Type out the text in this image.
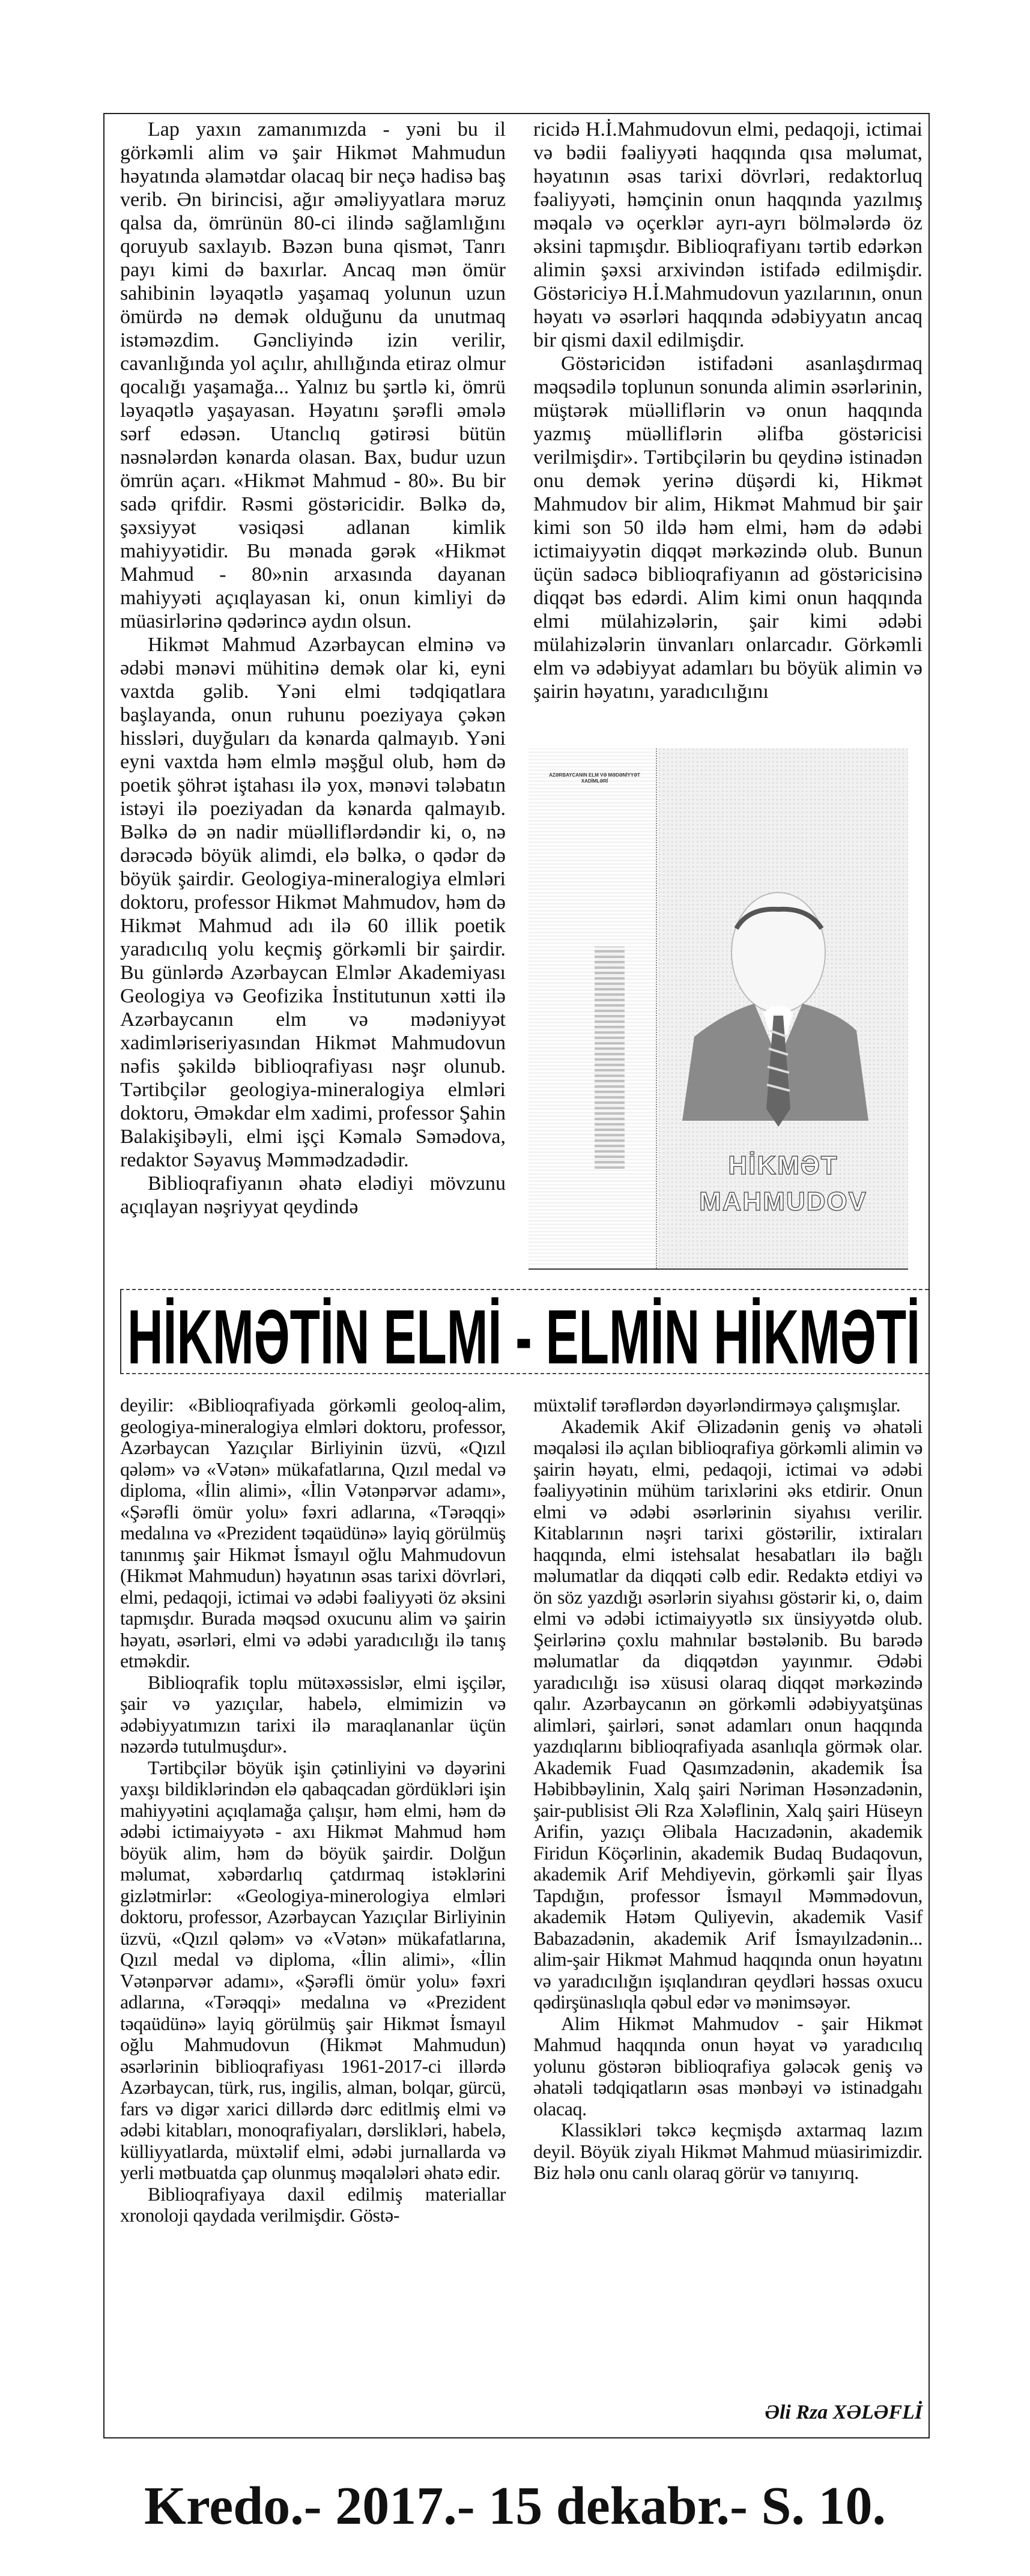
Lap yaxın zamanımızda - yəni bu il görkəmli alim və şair Hikmət Mahmudun həyatında əlamətdar olacaq bir neçə hadisə baş verib. Ən birincisi, ağır əməliyyatlara məruz qalsa da, ömrünün 80-ci ilində sağlamlığını qoruyub saxlayıb. Bəzən buna qismət, Tanrı payı kimi də baxırlar. Ancaq mən ömür sahibinin ləyaqətlə yaşamaq yolunun uzun ömürdə nə demək olduğunu da unutmaq istəməzdim. Gəncliyində izin verilir, cavanlığında yol açılır, ahıllığında etiraz olmur qocalığı yaşamağa... Yalnız bu şərtlə ki, ömrü ləyaqətlə yaşayasan. Həyatını şərəfli əmələ sərf edəsən. Utanclıq gətirəsi bütün nəsnələrdən kənarda olasan. Bax, budur uzun ömrün açarı. «Hikmət Mahmud - 80». Bu bir sadə qrifdir. Rəsmi göstəricidir. Bəlkə də, şəxsiyyət vəsiqəsi adlanan kimlik mahiyyətidir. Bu mənada gərək «Hikmət Mahmud - 80»nin arxasında dayanan mahiyyəti açıqlayasan ki, onun kimliyi də müasirlərinə qədərincə aydın olsun.

Hikmət Mahmud Azərbaycan elminə və ədəbi mənəvi mühitinə demək olar ki, eyni vaxtda gəlib. Yəni elmi tədqiqatlara başlayanda, onun ruhunu poeziyaya çəkən hissləri, duyğuları da kənarda qalmayıb. Yəni eyni vaxtda həm elmlə məşğul olub, həm də poetik şöhrət iştahası ilə yox, mənəvi tələbatın istəyi ilə poeziyadan da kənarda qalmayıb. Bəlkə də ən nadir müəlliflərdəndir ki, o, nə dərəcədə böyük alimdi, elə bəlkə, o qədər də böyük şairdir. Geologiya-mineralogiya elmləri doktoru, professor Hikmət Mahmudov, həm də Hikmət Mahmud adı ilə 60 illik poetik yaradıcılıq yolu keçmiş görkəmli bir şairdir. Bu günlərdə Azərbaycan Elmlər Akademiyası Geologiya və Geofizika İnstitutunun xətti ilə Azərbaycanın elm və mədəniyyət xadimləriseriyasından Hikmət Mahmudovun nəfis şəkildə biblioqrafiyası nəşr olunub. Tərtibçilər geologiya-mineralogiya elmləri doktoru, Əməkdar elm xadimi, professor Şahin Balakişibəyli, elmi işçi Kəmalə Səmədova, redaktor Səyavuş Məmmədzadədir.

Biblioqrafiyanın əhatə elədiyi mövzunu açıqlayan nəşriyyat qeydində

ricidə H.İ.Mahmudovun elmi, pedaqoji, ictimai və bədii fəaliyyəti haqqında qısa məlumat, həyatının əsas tarixi dövrləri, redaktorluq fəaliyyəti, həmçinin onun haqqında yazılmış məqalə və oçerklər ayrı-ayrı bölmələrdə öz əksini tapmışdır. Biblioqrafiyanı tərtib edərkən alimin şəxsi arxivindən istifadə edilmişdir. Göstəriciyə H.İ.Mahmudovun yazılarının, onun həyatı və əsərləri haqqında ədəbiyyatın ancaq bir qismi daxil edilmişdir.

Göstəricidən istifadəni asanlaşdırmaq məqsədilə toplunun sonunda alimin əsərlərinin, müştərək müəlliflərin və onun haqqında yazmış müəlliflərin əlifba göstəricisi verilmişdir». Tərtibçilərin bu qeydinə istinadən onu demək yerinə düşərdi ki, Hikmət Mahmudov bir alim, Hikmət Mahmud bir şair kimi son 50 ildə həm elmi, həm də ədəbi ictimaiyyətin diqqət mərkəzində olub. Bunun üçün sadəcə biblioqrafiyanın ad göstəricisinə diqqət bəs edərdi. Alim kimi onun haqqında elmi mülahizələrin, şair kimi ədəbi mülahizələrin ünvanları onlarcadır. Görkəmli elm və ədəbiyyat adamları bu böyük alimin və şairin həyatını, yaradıcılığını

AZƏRBAYCANIN ELM VƏ MƏDƏNİYYƏT XADİMLƏRİ
HİKMƏT
MAHMUDOV
HİKMƏTİN ELMİ - ELMİN HİKMƏTİ

deyilir: «Biblioqrafiyada görkəmli geoloq-alim, geologiya-mineralogiya elmləri doktoru, professor, Azərbaycan Yazıçılar Birliyinin üzvü, «Qızıl qələm» və «Vətən» mükafatlarına, Qızıl medal və diploma, «İlin alimi», «İlin Vətənpərvər adamı», «Şərəfli ömür yolu» fəxri adlarına, «Tərəqqi» medalına və «Prezident təqaüdünə» layiq görülmüş tanınmış şair Hikmət İsmayıl oğlu Mahmudovun (Hikmət Mahmudun) həyatının əsas tarixi dövrləri, elmi, pedaqoji, ictimai və ədəbi fəaliyyəti öz əksini tapmışdır. Burada məqsəd oxucunu alim və şairin həyatı, əsərləri, elmi və ədəbi yaradıcılığı ilə tanış etməkdir.

Biblioqrafik toplu mütəxəssislər, elmi işçilər, şair və yazıçılar, habelə, elmimizin və ədəbiyyatımızın tarixi ilə maraqlananlar üçün nəzərdə tutulmuşdur».

Tərtibçilər böyük işin çətinliyini və dəyərini yaxşı bildiklərindən elə qabaqcadan gördükləri işin mahiyyətini açıqlamağa çalışır, həm elmi, həm də ədəbi ictimaiyyətə - axı Hikmət Mahmud həm böyük alim, həm də böyük şairdir. Dolğun məlumat, xəbərdarlıq çatdırmaq istəklərini gizlətmirlər: «Geologiya-minerologiya elmləri doktoru, professor, Azərbaycan Yazıçılar Birliyinin üzvü, «Qızıl qələm» və «Vətən» mükafatlarına, Qızıl medal və diploma, «İlin alimi», «İlin Vətənpərvər adamı», «Şərəfli ömür yolu» fəxri adlarına, «Tərəqqi» medalına və «Prezident təqaüdünə» layiq görülmüş şair Hikmət İsmayıl oğlu Mahmudovun (Hikmət Mahmudun) əsərlərinin biblioqrafiyası 1961-2017-ci illərdə Azərbaycan, türk, rus, ingilis, alman, bolqar, gürcü, fars və digər xarici dillərdə dərc editlmiş elmi və ədəbi kitabları, monoqrafiyaları, dərslikləri, habelə, külliyyatlarda, müxtəlif elmi, ədəbi jurnallarda və yerli mətbuatda çap olunmuş məqalələri əhatə edir.

Biblioqrafiyaya daxil edilmiş materiallar xronoloji qaydada verilmişdir. Göstə-

müxtəlif tərəflərdən dəyərləndirməyə çalışmışlar.

Akademik Akif Əlizadənin geniş və əhatəli məqaləsi ilə açılan biblioqrafiya görkəmli alimin və şairin həyatı, elmi, pedaqoji, ictimai və ədəbi fəaliyyətinin mühüm tarixlərini əks etdirir. Onun elmi və ədəbi əsərlərinin siyahısı verilir. Kitablarının nəşri tarixi göstərilir, ixtiraları haqqında, elmi istehsalat hesabatları ilə bağlı məlumatlar da diqqəti cəlb edir. Redaktə etdiyi və ön söz yazdığı əsərlərin siyahısı göstərir ki, o, daim elmi və ədəbi ictimaiyyətlə sıx ünsiyyətdə olub. Şeirlərinə çoxlu mahnılar bəstələnib. Bu barədə məlumatlar da diqqətdən yayınmır. Ədəbi yaradıcılığı isə xüsusi olaraq diqqət mərkəzində qalır. Azərbaycanın ən görkəmli ədəbiyyatşünas alimləri, şairləri, sənət adamları onun haqqında yazdıqlarını biblioqrafiyada asanlıqla görmək olar. Akademik Fuad Qasımzadənin, akademik İsa Həbibbəylinin, Xalq şairi Nəriman Həsənzadənin, şair-publisist Əli Rza Xələflinin, Xalq şairi Hüseyn Arifin, yazıçı Əlibala Hacızadənin, akademik Firidun Köçərlinin, akademik Budaq Budaqovun, akademik Arif Mehdiyevin, görkəmli şair İlyas Tapdığın, professor İsmayıl Məmmədovun, akademik Hətəm Quliyevin, akademik Vasif Babazadənin, akademik Arif İsmayılzadənin... alim-şair Hikmət Mahmud haqqında onun həyatını və yaradıcılığın işıqlandıran qeydləri həssas oxucu qədirşünaslıqla qəbul edər və mənimsəyər.

Alim Hikmət Mahmudov - şair Hikmət Mahmud haqqında onun həyat və yaradıcılıq yolunu göstərən biblioqrafiya gələcək geniş və əhatəli tədqiqatların əsas mənbəyi və istinadgahı olacaq.

Klassikləri təkcə keçmişdə axtarmaq lazım deyil. Böyük ziyalı Hikmət Mahmud müasirimizdir. Biz hələ onu canlı olaraq görür və tanıyırıq.

Əli Rza XƏLƏFLİ
Kredo.- 2017.- 15 dekabr.- S. 10.
